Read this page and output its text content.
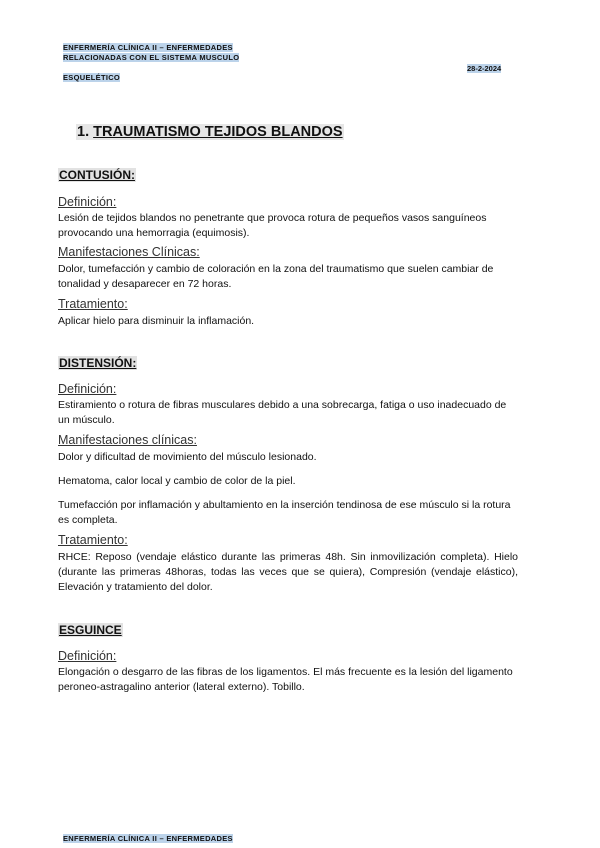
ENFERMERÍA CLÍNICA II – ENFERMEDADES
RELACIONADAS CON EL SISTEMA MUSCULO
ESQUELÉTICO
28-2-2024
1. TRAUMATISMO TEJIDOS BLANDOS
CONTUSIÓN:

Definición:

Lesión de tejidos blandos no penetrante que provoca rotura de pequeños vasos sanguíneos provocando una hemorragia (equimosis).

Manifestaciones Clínicas:

Dolor, tumefacción y cambio de coloración en la zona del traumatismo que suelen cambiar de tonalidad y desaparecer en 72 horas.

Tratamiento:

Aplicar hielo para disminuir la inflamación.

DISTENSIÓN:

Definición:

Estiramiento o rotura de fibras musculares debido a una sobrecarga, fatiga o uso inadecuado de un músculo.

Manifestaciones clínicas:

Dolor y dificultad de movimiento del músculo lesionado.

Hematoma, calor local y cambio de color de la piel.

Tumefacción por inflamación y abultamiento en la inserción tendinosa de ese músculo si la rotura es completa.

Tratamiento:

RHCE: Reposo (vendaje elástico durante las primeras 48h. Sin inmovilización completa). Hielo (durante las primeras 48horas, todas las veces que se quiera), Compresión (vendaje elástico), Elevación y tratamiento del dolor.

ESGUINCE

Definición:

Elongación o desgarro de las fibras de los ligamentos. El más frecuente es la lesión del ligamento peroneo-astragalino anterior (lateral externo). Tobillo.

ENFERMERÍA CLÍNICA II – ENFERMEDADES
